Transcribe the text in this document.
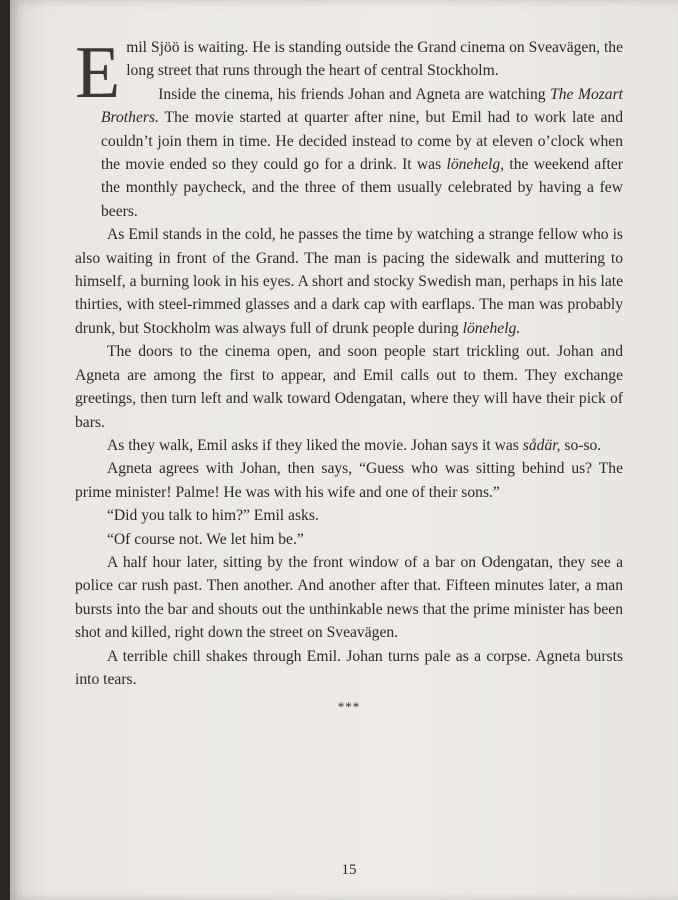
Emil Sjöö is waiting. He is standing outside the Grand cinema on Sveavägen, the long street that runs through the heart of central Stockholm.

Inside the cinema, his friends Johan and Agneta are watching The Mozart Brothers. The movie started at quarter after nine, but Emil had to work late and couldn’t join them in time. He decided instead to come by at eleven o’clock when the movie ended so they could go for a drink. It was lönehelg, the weekend after the monthly paycheck, and the three of them usually celebrated by having a few beers.

As Emil stands in the cold, he passes the time by watching a strange fellow who is also waiting in front of the Grand. The man is pacing the sidewalk and muttering to himself, a burning look in his eyes. A short and stocky Swedish man, perhaps in his late thirties, with steel-rimmed glasses and a dark cap with earflaps. The man was probably drunk, but Stockholm was always full of drunk people during lönehelg.

The doors to the cinema open, and soon people start trickling out. Johan and Agneta are among the first to appear, and Emil calls out to them. They exchange greetings, then turn left and walk toward Odengatan, where they will have their pick of bars.

As they walk, Emil asks if they liked the movie. Johan says it was sådär, so-so.

Agneta agrees with Johan, then says, “Guess who was sitting behind us? The prime minister! Palme! He was with his wife and one of their sons.”

“Did you talk to him?” Emil asks.

“Of course not. We let him be.”

A half hour later, sitting by the front window of a bar on Odengatan, they see a police car rush past. Then another. And another after that. Fifteen minutes later, a man bursts into the bar and shouts out the unthinkable news that the prime minister has been shot and killed, right down the street on Sveavägen.

A terrible chill shakes through Emil. Johan turns pale as a corpse. Agneta bursts into tears.

***

15
